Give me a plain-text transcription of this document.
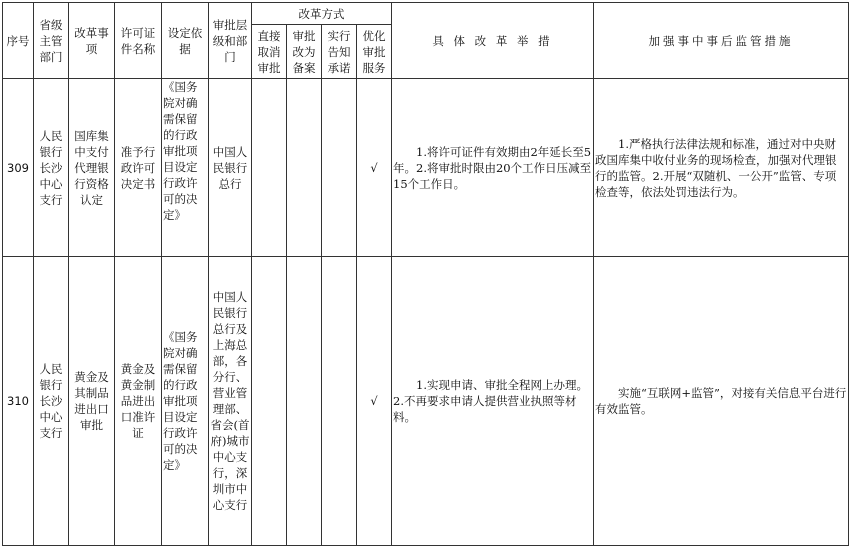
序号	省级主管部门	改革事项	许可证件名称	设定依据	审批层级和部门	改革方式				具 体 改 革 举 措	加强事中事后监管措施
						直接取消审批	审批改为备案	实行告知承诺	优化审批服务		
309	人民银行长沙中心支行	国库集中支付代理银行资格认定	准予行政许可决定书	《国务院对确需保留的行政审批项目设定行政许可的决定》	中国人民银行总行				√	1.将许可证件有效期由2年延长至5年。2.将审批时限由20个工作日压减至15个工作日。	1.严格执行法律法规和标准，通过对中央财政国库集中收付业务的现场检查，加强对代理银行的监管。2.开展“双随机、一公开”监管、专项检查等，依法处罚违法行为。
310	人民银行长沙中心支行	黄金及其制品进出口审批	黄金及黄金制品进出口准许证	《国务院对确需保留的行政审批项目设定行政许可的决定》	中国人民银行总行及上海总部，各分行、营业管理部、省会(首府)城市中心支行，深圳市中心支行				√	1.实现申请、审批全程网上办理。2.不再要求申请人提供营业执照等材料。	实施“互联网+监管”，对接有关信息平台进行有效监管。
